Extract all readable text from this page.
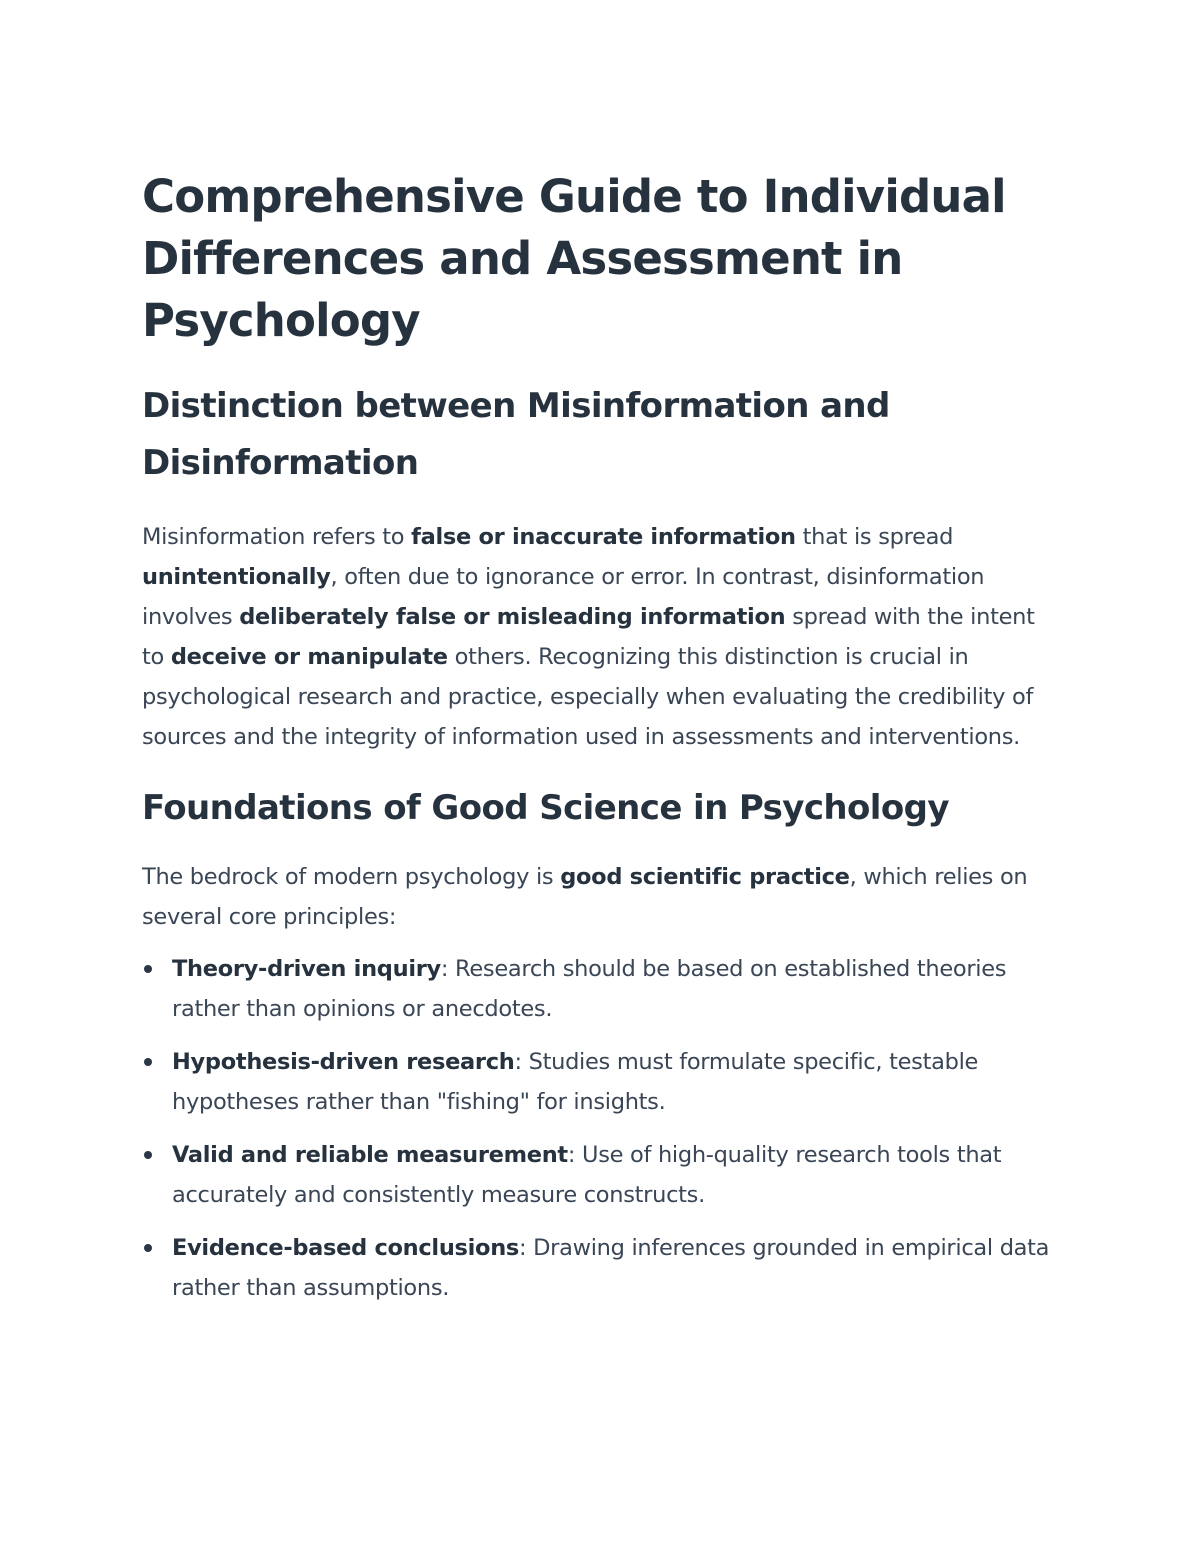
Comprehensive Guide to Individual Differences and Assessment in Psychology
Distinction between Misinformation and Disinformation

Misinformation refers to false or inaccurate information that is spread unintentionally, often due to ignorance or error. In contrast, disinformation involves deliberately false or misleading information spread with the intent to deceive or manipulate others. Recognizing this distinction is crucial in psychological research and practice, especially when evaluating the credibility of sources and the integrity of information used in assessments and interventions.

Foundations of Good Science in Psychology

The bedrock of modern psychology is good scientific practice, which relies on several core principles:

Theory-driven inquiry: Research should be based on established theories rather than opinions or anecdotes.
Hypothesis-driven research: Studies must formulate specific, testable hypotheses rather than "fishing" for insights.
Valid and reliable measurement: Use of high-quality research tools that accurately and consistently measure constructs.
Evidence-based conclusions: Drawing inferences grounded in empirical data rather than assumptions.
